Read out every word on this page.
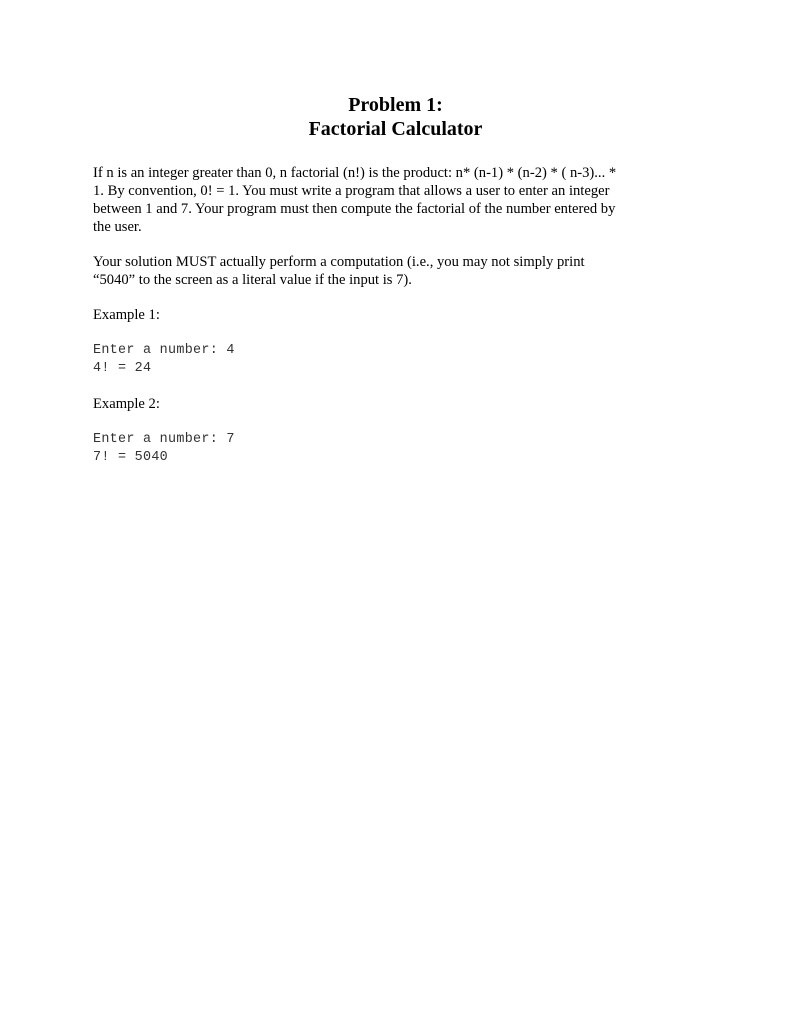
Problem 1:
Factorial Calculator
If n is an integer greater than 0, n factorial (n!) is the product: n* (n-1) * (n-2) * ( n-3)... *
1. By convention, 0! = 1. You must write a program that allows a user to enter an integer
between 1 and 7. Your program must then compute the factorial of the number entered by
the user.
Your solution MUST actually perform a computation (i.e., you may not simply print
“5040” to the screen as a literal value if the input is 7).
Example 1:
Enter a number: 4
4! = 24
Example 2:
Enter a number: 7
7! = 5040
